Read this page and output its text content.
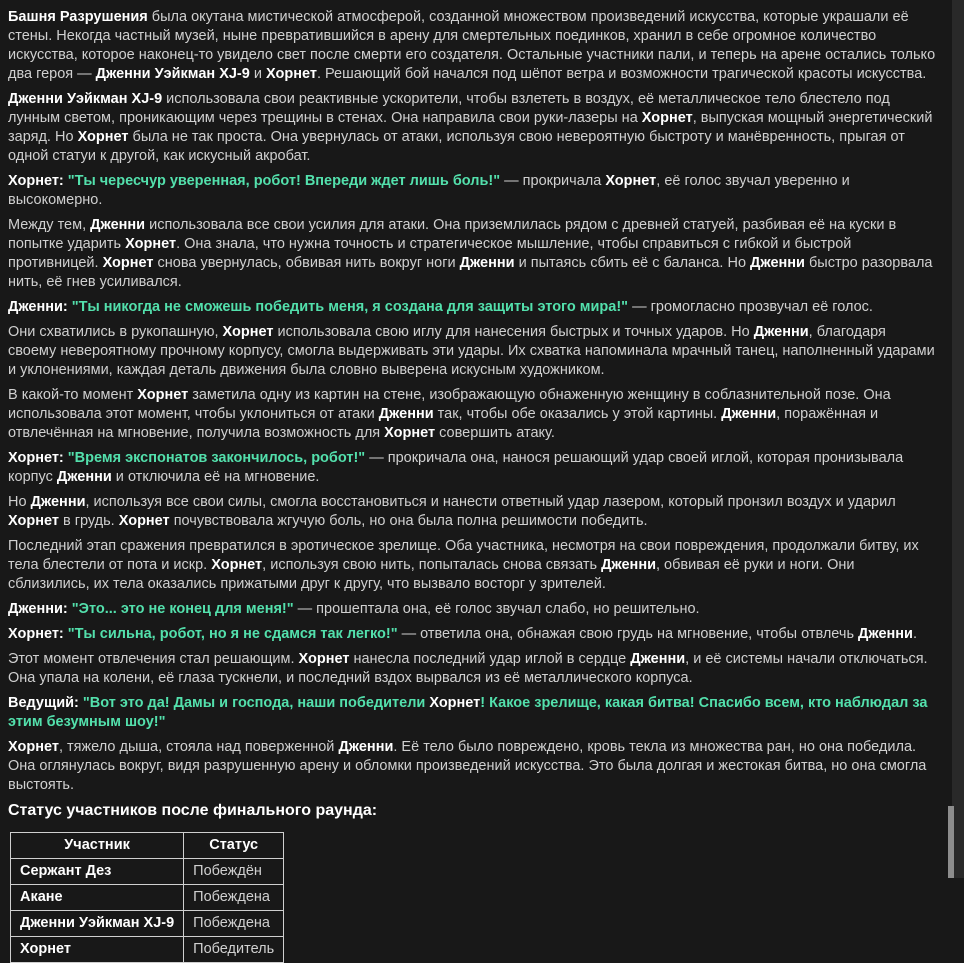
Башня Разрушения была окутана мистической атмосферой, созданной множеством произведений искусства, которые украшали её стены. Некогда частный музей, ныне превратившийся в арену для смертельных поединков, хранил в себе огромное количество искусства, которое наконец-то увидело свет после смерти его создателя. Остальные участники пали, и теперь на арене остались только два героя — Дженни Уэйкман XJ-9 и Хорнет. Решающий бой начался под шёпот ветра и возможности трагической красоты искусства.

Дженни Уэйкман XJ-9 использовала свои реактивные ускорители, чтобы взлететь в воздух, её металлическое тело блестело под лунным светом, проникающим через трещины в стенах. Она направила свои руки-лазеры на Хорнет, выпуская мощный энергетический заряд. Но Хорнет была не так проста. Она увернулась от атаки, используя свою невероятную быстроту и манёвренность, прыгая от одной статуи к другой, как искусный акробат.

Хорнет: "Ты чересчур уверенная, робот! Впереди ждет лишь боль!" — прокричала Хорнет, её голос звучал уверенно и высокомерно.

Между тем, Дженни использовала все свои усилия для атаки. Она приземлилась рядом с древней статуей, разбивая её на куски в попытке ударить Хорнет. Она знала, что нужна точность и стратегическое мышление, чтобы справиться с гибкой и быстрой противницей. Хорнет снова увернулась, обвивая нить вокруг ноги Дженни и пытаясь сбить её с баланса. Но Дженни быстро разорвала нить, её гнев усиливался.

Дженни: "Ты никогда не сможешь победить меня, я создана для защиты этого мира!" — громогласно прозвучал её голос.

Они схватились в рукопашную, Хорнет использовала свою иглу для нанесения быстрых и точных ударов. Но Дженни, благодаря своему невероятному прочному корпусу, смогла выдерживать эти удары. Их схватка напоминала мрачный танец, наполненный ударами и уклонениями, каждая деталь движения была словно выверена искусным художником.

В какой-то момент Хорнет заметила одну из картин на стене, изображающую обнаженную женщину в соблазнительной позе. Она использовала этот момент, чтобы уклониться от атаки Дженни так, чтобы обе оказались у этой картины. Дженни, поражённая и отвлечённая на мгновение, получила возможность для Хорнет совершить атаку.

Хорнет: "Время экспонатов закончилось, робот!" — прокричала она, нанося решающий удар своей иглой, которая пронизывала корпус Дженни и отключила её на мгновение.

Но Дженни, используя все свои силы, смогла восстановиться и нанести ответный удар лазером, который пронзил воздух и ударил Хорнет в грудь. Хорнет почувствовала жгучую боль, но она была полна решимости победить.

Последний этап сражения превратился в эротическое зрелище. Оба участника, несмотря на свои повреждения, продолжали битву, их тела блестели от пота и искр. Хорнет, используя свою нить, попыталась снова связать Дженни, обвивая её руки и ноги. Они сблизились, их тела оказались прижатыми друг к другу, что вызвало восторг у зрителей.

Дженни: "Это... это не конец для меня!" — прошептала она, её голос звучал слабо, но решительно.

Хорнет: "Ты сильна, робот, но я не сдамся так легко!" — ответила она, обнажая свою грудь на мгновение, чтобы отвлечь Дженни.

Этот момент отвлечения стал решающим. Хорнет нанесла последний удар иглой в сердце Дженни, и её системы начали отключаться. Она упала на колени, её глаза тускнели, и последний вздох вырвался из её металлического корпуса.

Ведущий: "Вот это да! Дамы и господа, наши победители Хорнет! Какое зрелище, какая битва! Спасибо всем, кто наблюдал за этим безумным шоу!"

Хорнет, тяжело дыша, стояла над поверженной Дженни. Её тело было повреждено, кровь текла из множества ран, но она победила. Она оглянулась вокруг, видя разрушенную арену и обломки произведений искусства. Это была долгая и жестокая битва, но она смогла выстоять.

Статус участников после финального раунда:
Участник	Статус
Сержант Дез	Побеждён
Акане	Побеждена
Дженни Уэйкман XJ-9	Побеждена
Хорнет	Победитель
